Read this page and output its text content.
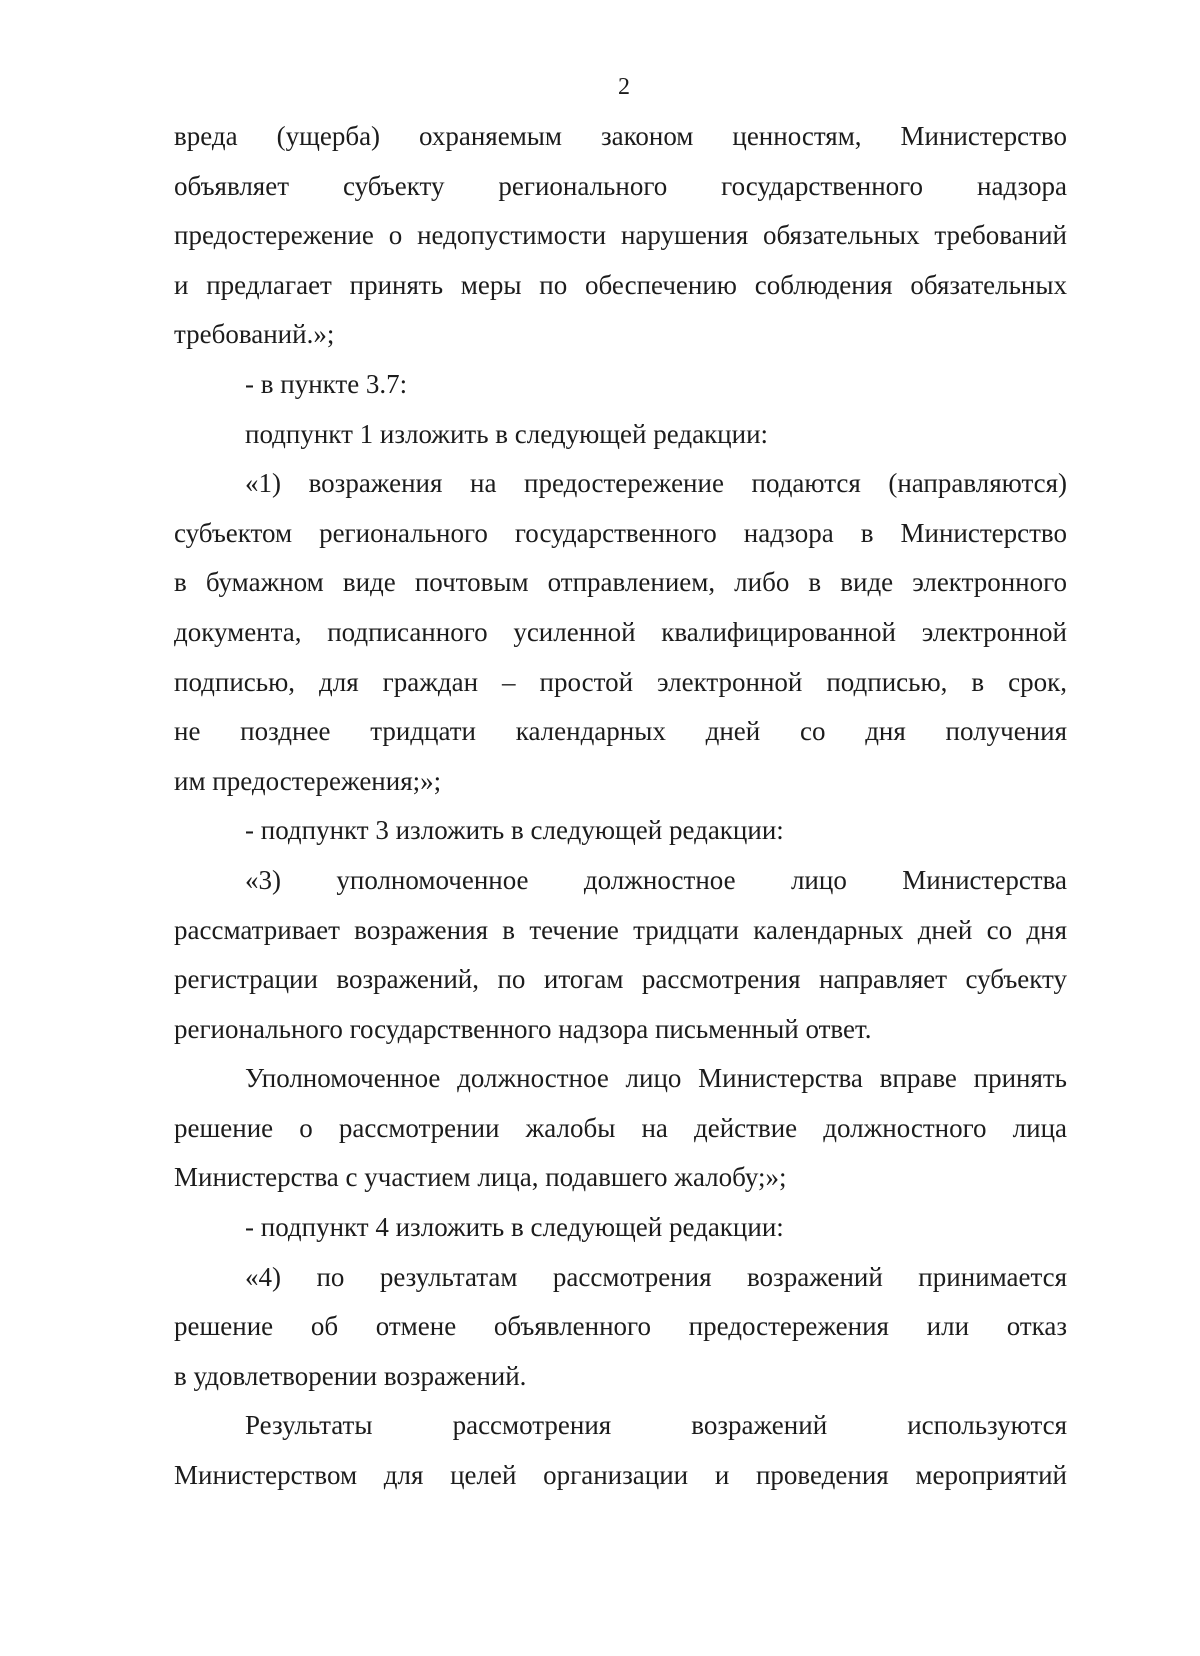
2

вреда (ущерба) охраняемым законом ценностям, Министерство
объявляет субъекту регионального государственного надзора
предостережение о недопустимости нарушения обязательных требований
и предлагает принять меры по обеспечению соблюдения обязательных
требований.»;

- в пункте 3.7:

подпункт 1 изложить в следующей редакции:

«1) возражения на предостережение подаются (направляются)
субъектом регионального государственного надзора в Министерство
в бумажном виде почтовым отправлением, либо в виде электронного
документа, подписанного усиленной квалифицированной электронной
подписью, для граждан – простой электронной подписью, в срок,
не позднее тридцати календарных дней со дня получения
им предостережения;»;

- подпункт 3 изложить в следующей редакции:

«3) уполномоченное должностное лицо Министерства
рассматривает возражения в течение тридцати календарных дней со дня
регистрации возражений, по итогам рассмотрения направляет субъекту
регионального государственного надзора письменный ответ.

Уполномоченное должностное лицо Министерства вправе принять
решение о рассмотрении жалобы на действие должностного лица
Министерства с участием лица, подавшего жалобу;»;

- подпункт 4 изложить в следующей редакции:

«4) по результатам рассмотрения возражений принимается
решение об отмене объявленного предостережения или отказ
в удовлетворении возражений.

Результаты рассмотрения возражений используются
Министерством для целей организации и проведения мероприятий
